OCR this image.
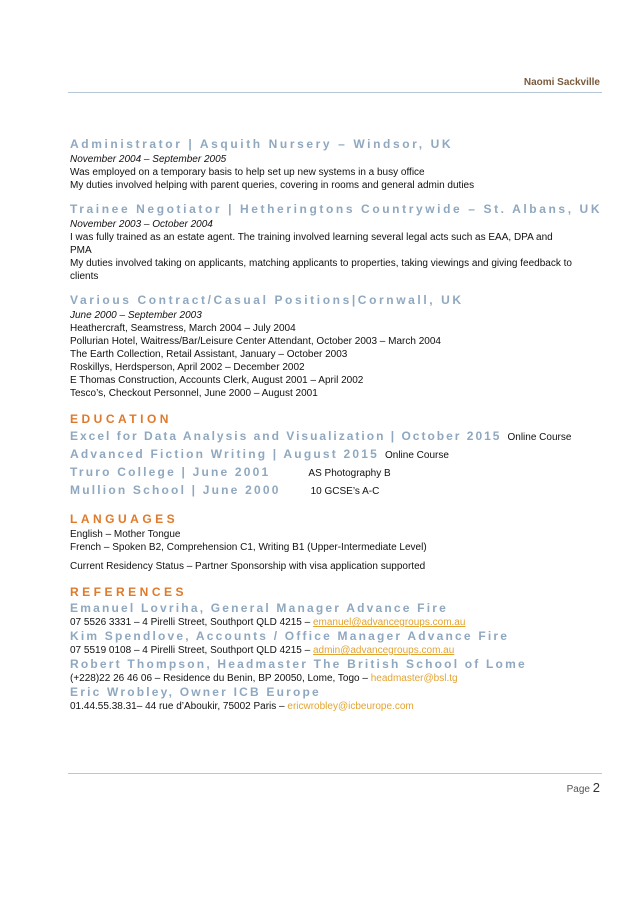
Naomi Sackville
Administrator | Asquith Nursery – Windsor, UK
November 2004 – September 2005
Was employed on a temporary basis to help set up new systems in a busy office
My duties involved helping with parent queries, covering in rooms and general admin duties
Trainee Negotiator | Hetheringtons Countrywide – St. Albans, UK
November 2003 – October 2004
I was fully trained as an estate agent. The training involved learning several legal acts such as EAA, DPA and
PMA
My duties involved taking on applicants, matching applicants to properties, taking viewings and giving feedback to
clients
Various Contract/Casual Positions|Cornwall, UK
June 2000 – September 2003
Heathercraft, Seamstress, March 2004 – July 2004
Pollurian Hotel, Waitress/Bar/Leisure Center Attendant, October 2003 – March 2004
The Earth Collection, Retail Assistant, January – October 2003
Roskillys, Herdsperson, April 2002 – December 2002
E Thomas Construction, Accounts Clerk, August 2001 – April 2002
Tesco’s, Checkout Personnel, June 2000 – August 2001
EDUCATION
Excel for Data Analysis and Visualization | October 2015 Online Course
Advanced Fiction Writing | August 2015 Online Course
Truro College | June 2001	AS Photography B
Mullion School | June 2000	10 GCSE’s A-C
LANGUAGES
English – Mother Tongue
French – Spoken B2, Comprehension C1, Writing B1 (Upper-Intermediate Level)
Current Residency Status – Partner Sponsorship with visa application supported
REFERENCES
Emanuel Lovriha, General Manager Advance Fire
07 5526 3331 – 4 Pirelli Street, Southport QLD 4215 – emanuel@advancegroups.com.au
Kim Spendlove, Accounts / Office Manager Advance Fire
07 5519 0108 – 4 Pirelli Street, Southport QLD 4215 – admin@advancegroups.com.au
Robert Thompson, Headmaster The British School of Lome
(+228)22 26 46 06 – Residence du Benin, BP 20050, Lome, Togo – headmaster@bsl.tg
Eric Wrobley, Owner ICB Europe
01.44.55.38.31– 44 rue d’Aboukir, 75002 Paris – ericwrobley@icbeurope.com
Page 2
